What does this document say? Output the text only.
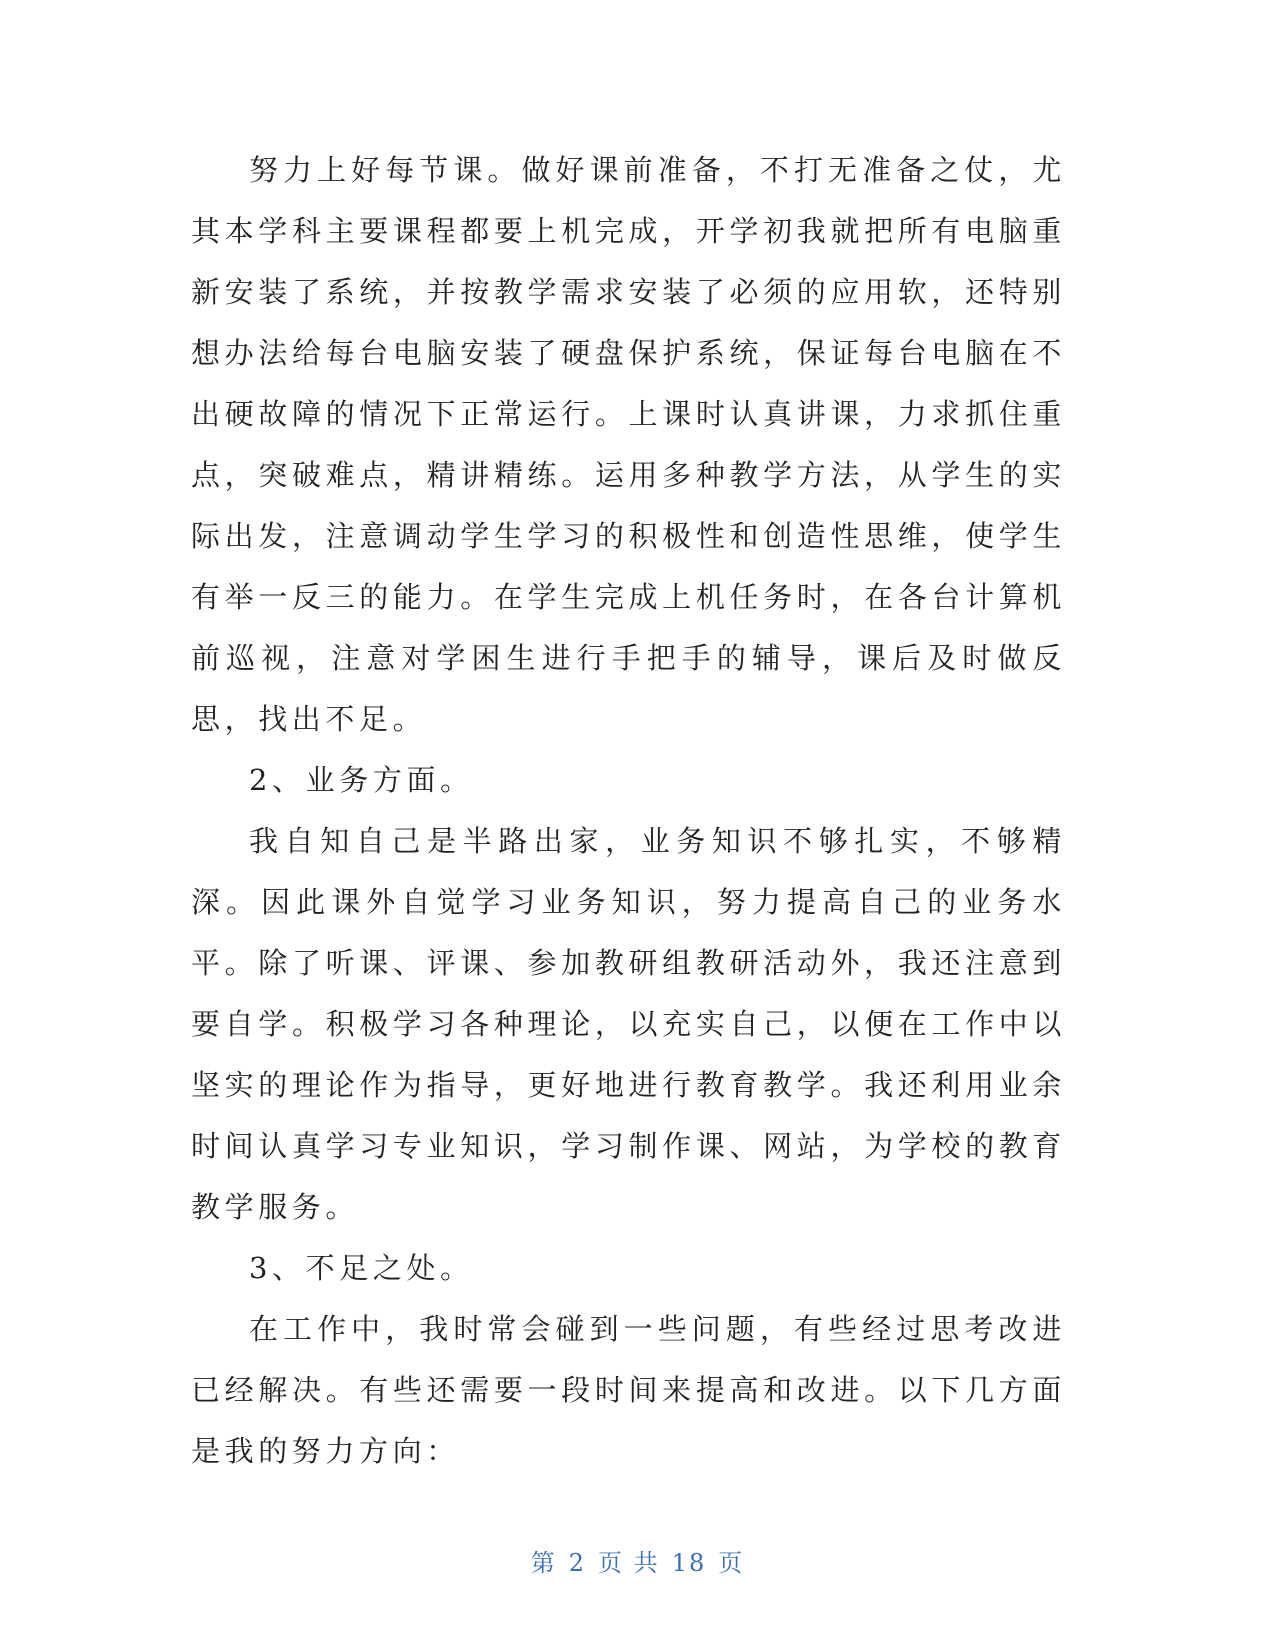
努力上好每节课。做好课前准备，不打无准备之仗，尤其本学科主要课程都要上机完成，开学初我就把所有电脑重新安装了系统，并按教学需求安装了必须的应用软，还特别想办法给每台电脑安装了硬盘保护系统，保证每台电脑在不出硬故障的情况下正常运行。上课时认真讲课，力求抓住重点，突破难点，精讲精练。运用多种教学方法，从学生的实际出发，注意调动学生学习的积极性和创造性思维，使学生有举一反三的能力。在学生完成上机任务时，在各台计算机前巡视，注意对学困生进行手把手的辅导，课后及时做反思，找出不足。

2、业务方面。

我自知自己是半路出家，业务知识不够扎实，不够精深。因此课外自觉学习业务知识，努力提高自己的业务水平。除了听课、评课、参加教研组教研活动外，我还注意到要自学。积极学习各种理论，以充实自己，以便在工作中以坚实的理论作为指导，更好地进行教育教学。我还利用业余时间认真学习专业知识，学习制作课、网站，为学校的教育教学服务。

3、不足之处。

在工作中，我时常会碰到一些问题，有些经过思考改进已经解决。有些还需要一段时间来提高和改进。以下几方面是我的努力方向：

第 2 页 共 18 页
